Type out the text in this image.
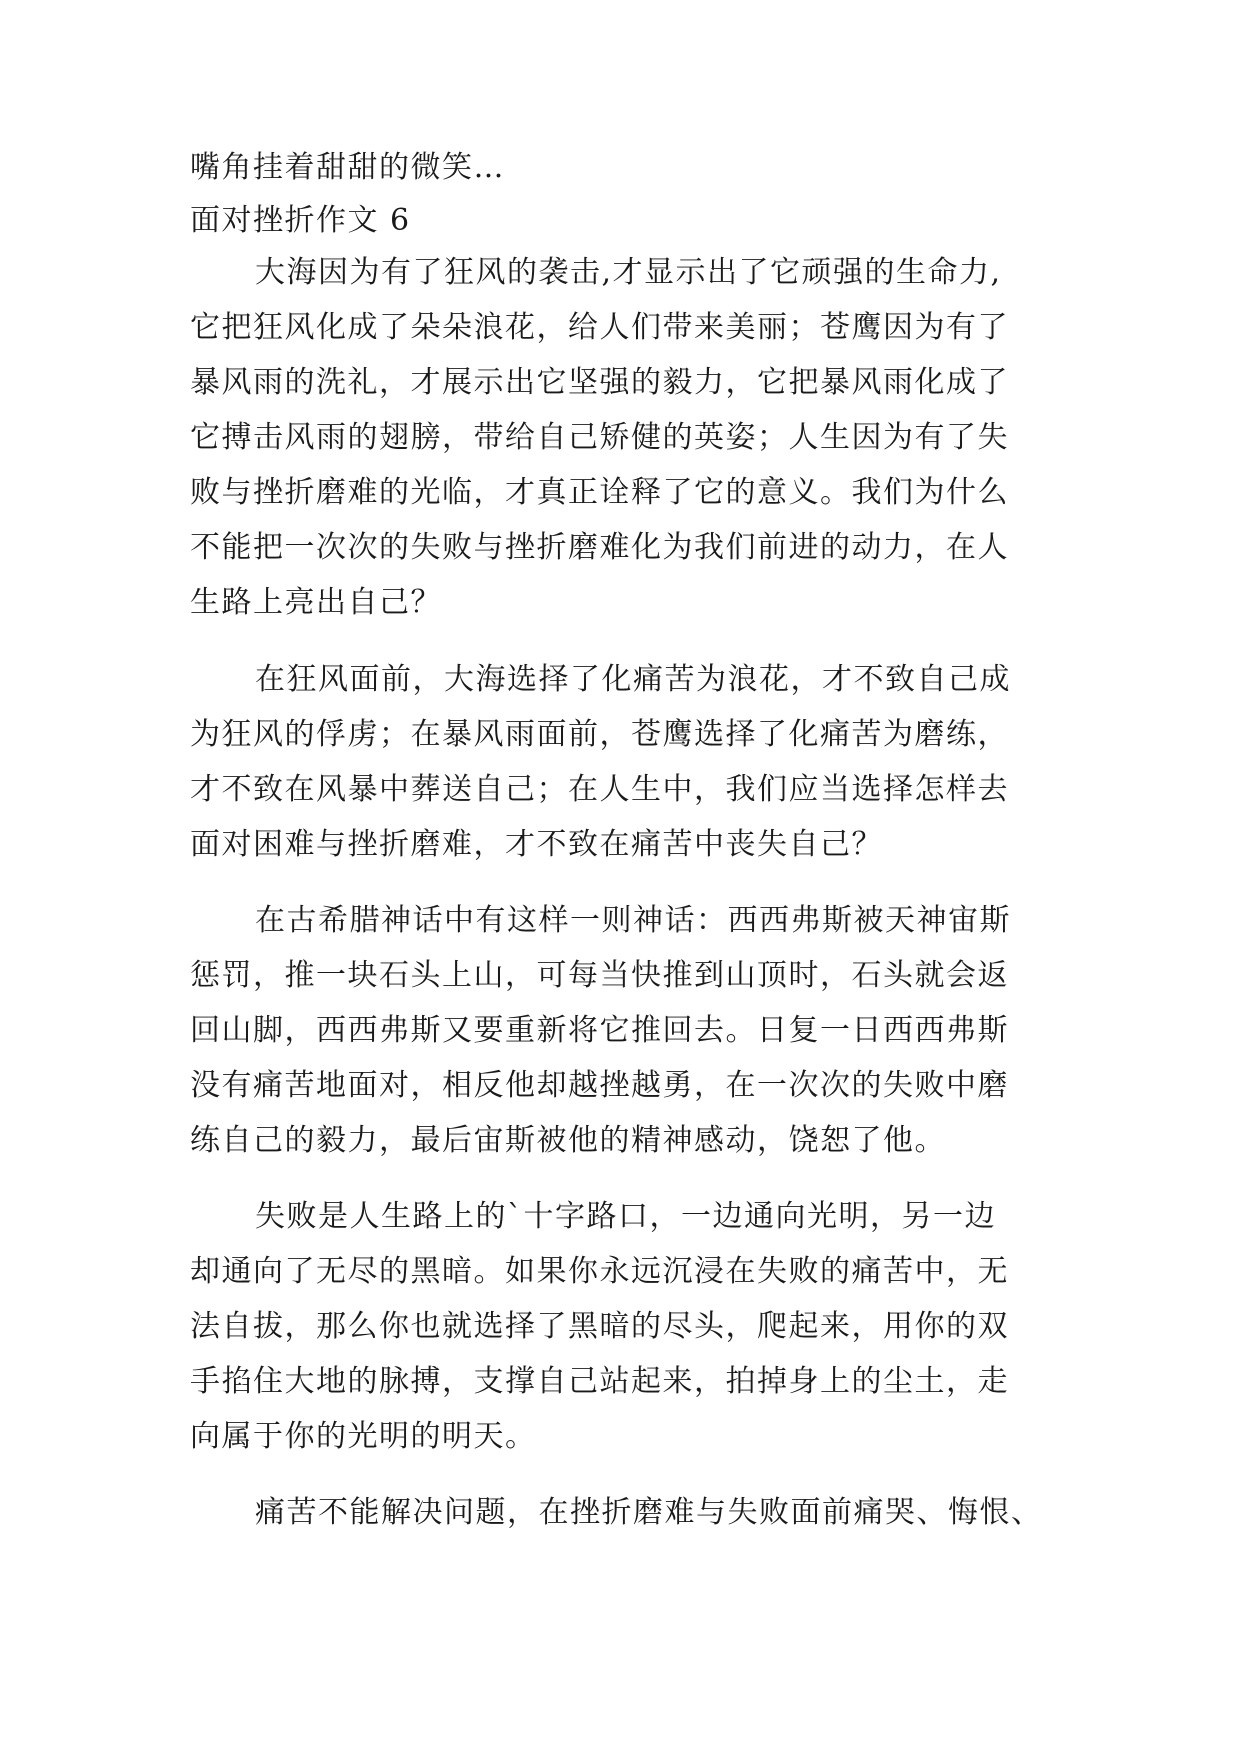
嘴角挂着甜甜的微笑…
面对挫折作文 6
大海因为有了狂风的袭击,才显示出了它顽强的生命力,
它把狂风化成了朵朵浪花，给人们带来美丽；苍鹰因为有了
暴风雨的洗礼，才展示出它坚强的毅力，它把暴风雨化成了
它搏击风雨的翅膀，带给自己矫健的英姿；人生因为有了失
败与挫折磨难的光临，才真正诠释了它的意义。我们为什么
不能把一次次的失败与挫折磨难化为我们前进的动力，在人
生路上亮出自己？
在狂风面前，大海选择了化痛苦为浪花，才不致自己成
为狂风的俘虏；在暴风雨面前，苍鹰选择了化痛苦为磨练，
才不致在风暴中葬送自己；在人生中，我们应当选择怎样去
面对困难与挫折磨难，才不致在痛苦中丧失自己？
在古希腊神话中有这样一则神话：西西弗斯被天神宙斯
惩罚，推一块石头上山，可每当快推到山顶时，石头就会返
回山脚，西西弗斯又要重新将它推回去。日复一日西西弗斯
没有痛苦地面对，相反他却越挫越勇，在一次次的失败中磨
练自己的毅力，最后宙斯被他的精神感动，饶恕了他。
失败是人生路上的`十字路口，一边通向光明，另一边
却通向了无尽的黑暗。如果你永远沉浸在失败的痛苦中，无
法自拔，那么你也就选择了黑暗的尽头，爬起来，用你的双
手掐住大地的脉搏，支撑自己站起来，拍掉身上的尘土，走
向属于你的光明的明天。
痛苦不能解决问题，在挫折磨难与失败面前痛哭、悔恨、
